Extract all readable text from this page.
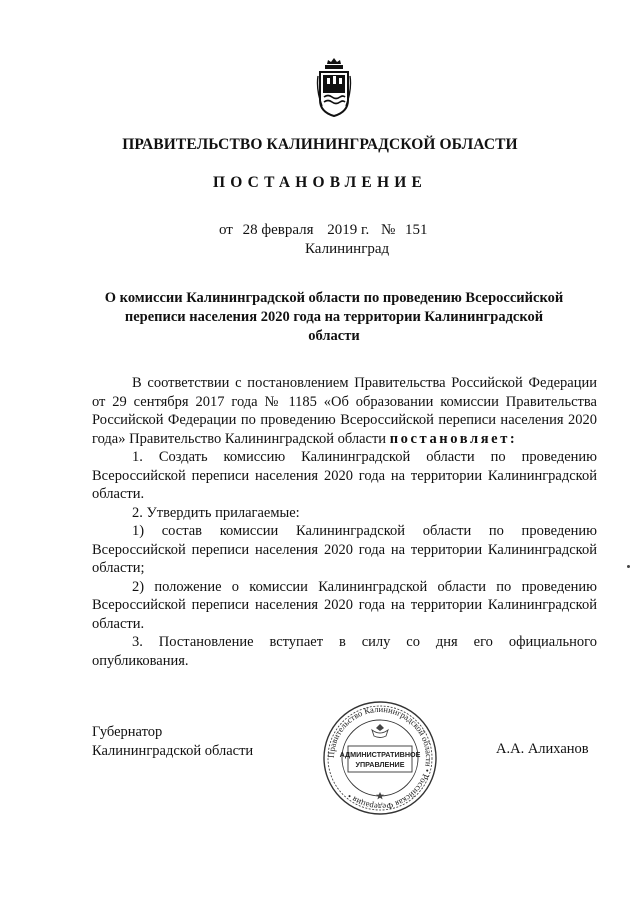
ПРАВИТЕЛЬСТВО КАЛИНИНГРАДСКОЙ ОБЛАСТИ
ПОСТАНОВЛЕНИЕ
от 28 февраля 2019 г. № 151
Калининград
О комиссии Калининградской области по проведению Всероссийской переписи населения 2020 года на территории Калининградской области

В соответствии с постановлением Правительства Российской Федерации от 29 сентября 2017 года № 1185 «Об образовании комиссии Правительства Российской Федерации по проведению Всероссийской переписи населения 2020 года» Правительство Калининградской области постановляет:

1. Создать комиссию Калининградской области по проведению Всероссийской переписи населения 2020 года на территории Калининградской области.

2. Утвердить прилагаемые:

1) состав комиссии Калининградской области по проведению Всероссийской переписи населения 2020 года на территории Калининградской области;

2) положение о комиссии Калининградской области по проведению Всероссийской переписи населения 2020 года на территории Калининградской области.

3. Постановление вступает в силу со дня его официального опубликования.

Губернатор
Калининградской области	А.А. Алиханов
Правительство Калининградской области • Российская Федерация •
АДМИНИСТРАТИВНОЕ
УПРАВЛЕНИЕ
